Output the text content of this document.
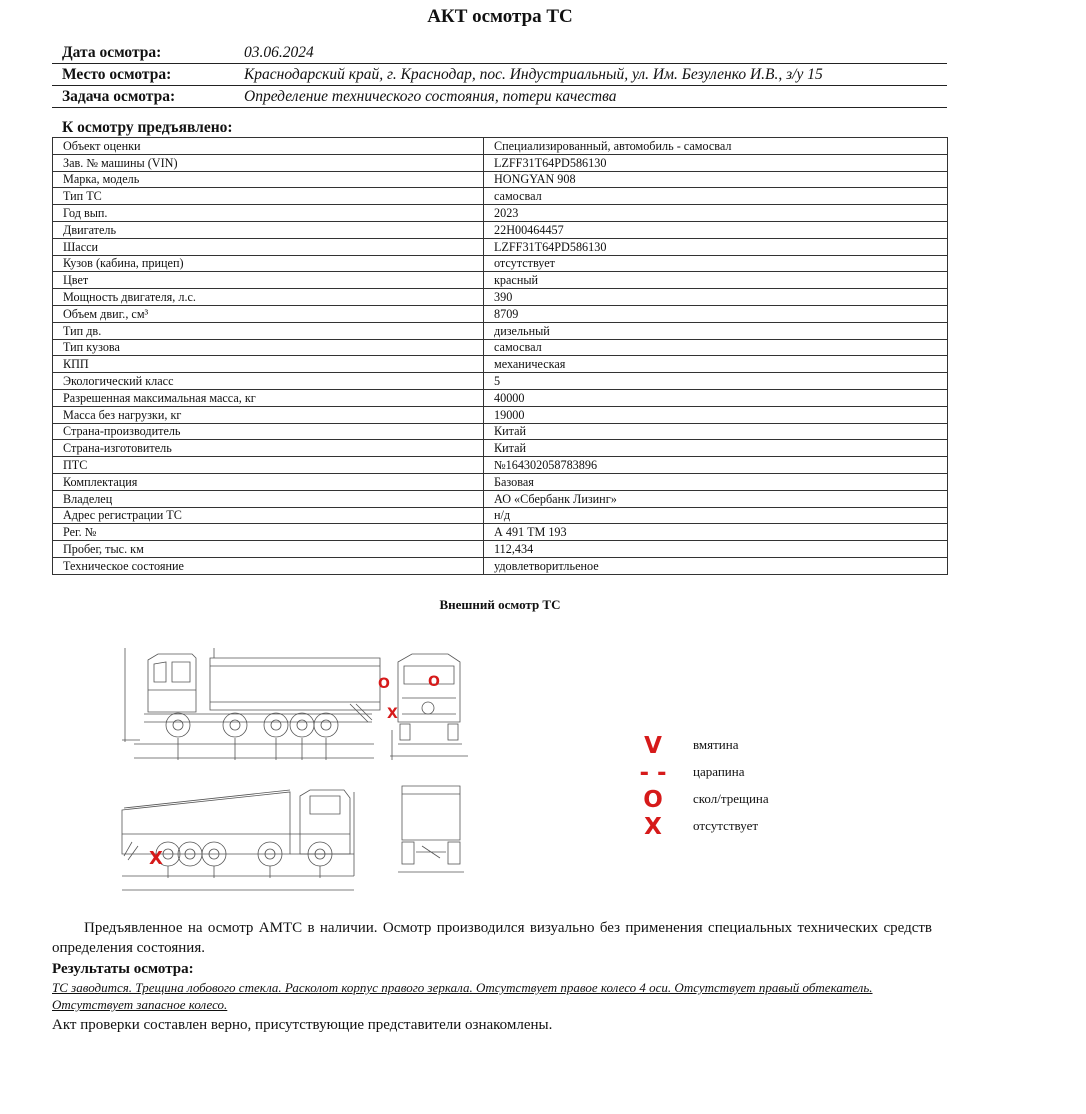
АКТ осмотра ТС
Дата осмотра:	03.06.2024
Место осмотра:	Краснодарский край, г. Краснодар, пос. Индустриальный, ул. Им. Безуленко И.В., з/у 15
Задача осмотра:	Определение технического состояния, потери качества
К осмотру предъявлено:
Объект оценки	Специализированный, автомобиль - самосвал
Зав. № машины (VIN)	LZFF31T64PD586130
Марка, модель	HONGYAN 908
Тип ТС	самосвал
Год вып.	2023
Двигатель	22H00464457
Шасси	LZFF31T64PD586130
Кузов (кабина, прицеп)	отсутствует
Цвет	красный
Мощность двигателя, л.с.	390
Объем двиг., см³	8709
Тип дв.	дизельный
Тип кузова	самосвал
КПП	механическая
Экологический класс	5
Разрешенная максимальная масса, кг	40000
Масса без нагрузки, кг	19000
Страна-производитель	Китай
Страна-изготовитель	Китай
ПТС	№164302058783896
Комплектация	Базовая
Владелец	АО «Сбербанк Лизинг»
Адрес регистрации ТС	н/д
Рег. №	А 491 ТМ 193
Пробег, тыс. км	112,434
Техническое состояние	удовлетворитльеное
Внешний осмотр ТС
O	O
X
X
V	вмятина
- - царапина
O	скол/трещина
X	отсутствует
Предъявленное на осмотр АМТС в наличии. Осмотр производился визуально без применения специальных технических средств определения состояния.
Результаты осмотра:
ТС заводится. Трещина лобового стекла. Расколот корпус правого зеркала. Отсутствует правое колесо 4 оси. Отсутствует правый обтекатель. Отсутствует запасное колесо.
Акт проверки составлен верно, присутствующие представители ознакомлены.
